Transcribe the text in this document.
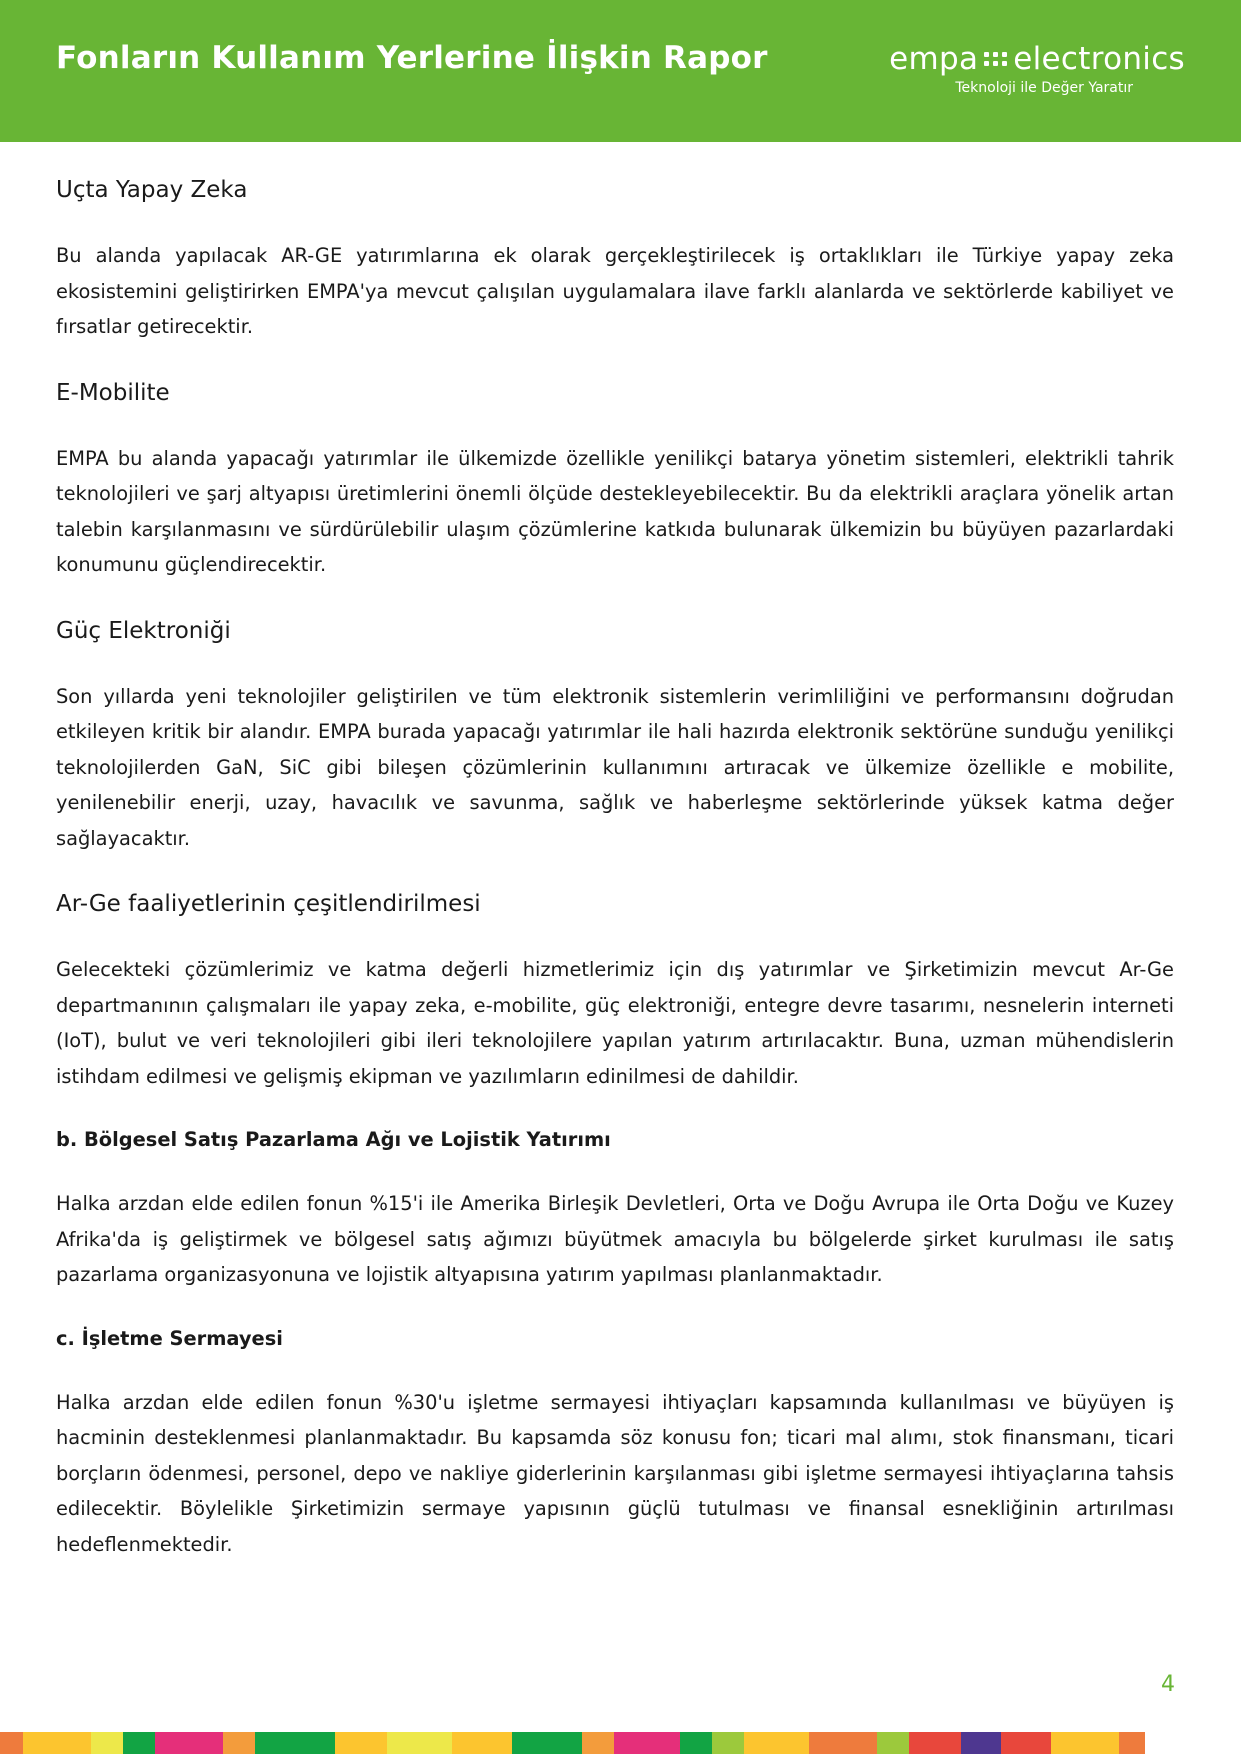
Fonların Kullanım Yerlerine İlişkin Rapor	empa electronics
Teknoloji ile Değer Yaratır
Uçta Yapay Zeka

Bu alanda yapılacak AR-GE yatırımlarına ek olarak gerçekleştirilecek iş ortaklıkları ile Türkiye yapay zeka ekosistemini geliştirirken EMPA'ya mevcut çalışılan uygulamalara ilave farklı alanlarda ve sektörlerde kabiliyet ve fırsatlar getirecektir.

E-Mobilite

EMPA bu alanda yapacağı yatırımlar ile ülkemizde özellikle yenilikçi batarya yönetim sistemleri, elektrikli tahrik teknolojileri ve şarj altyapısı üretimlerini önemli ölçüde destekleyebilecektir. Bu da elektrikli araçlara yönelik artan talebin karşılanmasını ve sürdürülebilir ulaşım çözümlerine katkıda bulunarak ülkemizin bu büyüyen pazarlardaki konumunu güçlendirecektir.

Güç Elektroniği

Son yıllarda yeni teknolojiler geliştirilen ve tüm elektronik sistemlerin verimliliğini ve performansını doğrudan etkileyen kritik bir alandır. EMPA burada yapacağı yatırımlar ile hali hazırda elektronik sektörüne sunduğu yenilikçi teknolojilerden GaN, SiC gibi bileşen çözümlerinin kullanımını artıracak ve ülkemize özellikle e mobilite, yenilenebilir enerji, uzay, havacılık ve savunma, sağlık ve haberleşme sektörlerinde yüksek katma değer sağlayacaktır.

Ar-Ge faaliyetlerinin çeşitlendirilmesi

Gelecekteki çözümlerimiz ve katma değerli hizmetlerimiz için dış yatırımlar ve Şirketimizin mevcut Ar-Ge departmanının çalışmaları ile yapay zeka, e-mobilite, güç elektroniği, entegre devre tasarımı, nesnelerin interneti (IoT), bulut ve veri teknolojileri gibi ileri teknolojilere yapılan yatırım artırılacaktır. Buna, uzman mühendislerin istihdam edilmesi ve gelişmiş ekipman ve yazılımların edinilmesi de dahildir.

b. Bölgesel Satış Pazarlama Ağı ve Lojistik Yatırımı

Halka arzdan elde edilen fonun %15'i ile Amerika Birleşik Devletleri, Orta ve Doğu Avrupa ile Orta Doğu ve Kuzey Afrika'da iş geliştirmek ve bölgesel satış ağımızı büyütmek amacıyla bu bölgelerde şirket kurulması ile satış pazarlama organizasyonuna ve lojistik altyapısına yatırım yapılması planlanmaktadır.

c. İşletme Sermayesi

Halka arzdan elde edilen fonun %30'u işletme sermayesi ihtiyaçları kapsamında kullanılması ve büyüyen iş hacminin desteklenmesi planlanmaktadır. Bu kapsamda söz konusu fon; ticari mal alımı, stok finansmanı, ticari borçların ödenmesi, personel, depo ve nakliye giderlerinin karşılanması gibi işletme sermayesi ihtiyaçlarına tahsis edilecektir. Böylelikle Şirketimizin sermaye yapısının güçlü tutulması ve finansal esnekliğinin artırılması hedeflenmektedir.

4
